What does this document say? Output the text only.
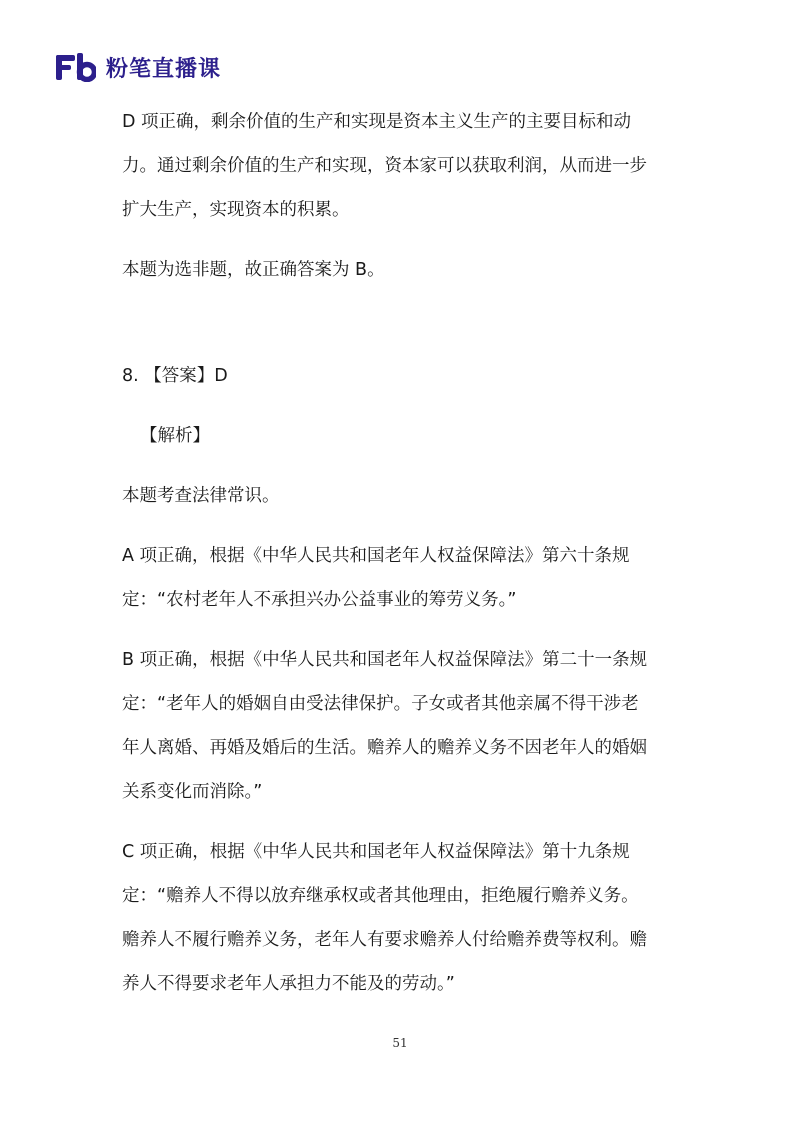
粉笔直播课
D 项正确，剩余价值的生产和实现是资本主义生产的主要目标和动
力。通过剩余价值的生产和实现，资本家可以获取利润，从而进一步
扩大生产，实现资本的积累。
本题为选非题，故正确答案为 B。
8. 【答案】D
【解析】
本题考查法律常识。
A 项正确，根据《中华人民共和国老年人权益保障法》第六十条规
定：“农村老年人不承担兴办公益事业的筹劳义务。”
B 项正确，根据《中华人民共和国老年人权益保障法》第二十一条规
定：“老年人的婚姻自由受法律保护。子女或者其他亲属不得干涉老
年人离婚、再婚及婚后的生活。赡养人的赡养义务不因老年人的婚姻
关系变化而消除。”
C 项正确，根据《中华人民共和国老年人权益保障法》第十九条规
定：“赡养人不得以放弃继承权或者其他理由，拒绝履行赡养义务。
赡养人不履行赡养义务，老年人有要求赡养人付给赡养费等权利。赡
养人不得要求老年人承担力不能及的劳动。”
51
